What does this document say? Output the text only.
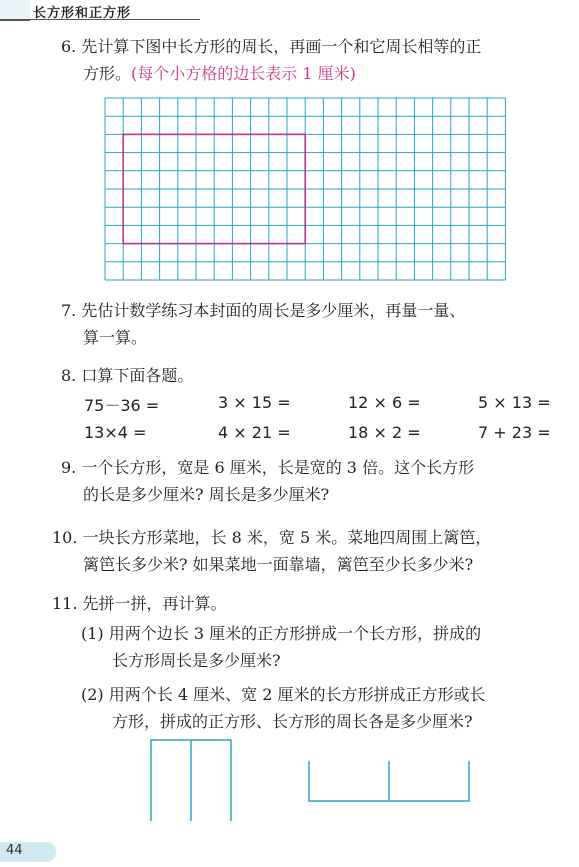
长方形和正方形
6. 先计算下图中长方形的周长，再画一个和它周长相等的正
方形。(每个小方格的边长表示 1 厘米)
7. 先估计数学练习本封面的周长是多少厘米，再量一量、
算一算。
8. 口算下面各题。
75－36 =	3 × 15 =	12 × 6 =	5 × 13 =
13×4 =	4 × 21 =	18 × 2 =	7 + 23 =
9. 一个长方形，宽是 6 厘米，长是宽的 3 倍。这个长方形
的长是多少厘米? 周长是多少厘米?
10. 一块长方形菜地，长 8 米，宽 5 米。菜地四周围上篱笆，
篱笆长多少米? 如果菜地一面靠墙，篱笆至少长多少米?
11. 先拼一拼，再计算。
(1) 用两个边长 3 厘米的正方形拼成一个长方形，拼成的
长方形周长是多少厘米?
(2) 用两个长 4 厘米、宽 2 厘米的长方形拼成正方形或长
方形，拼成的正方形、长方形的周长各是多少厘米?
44
